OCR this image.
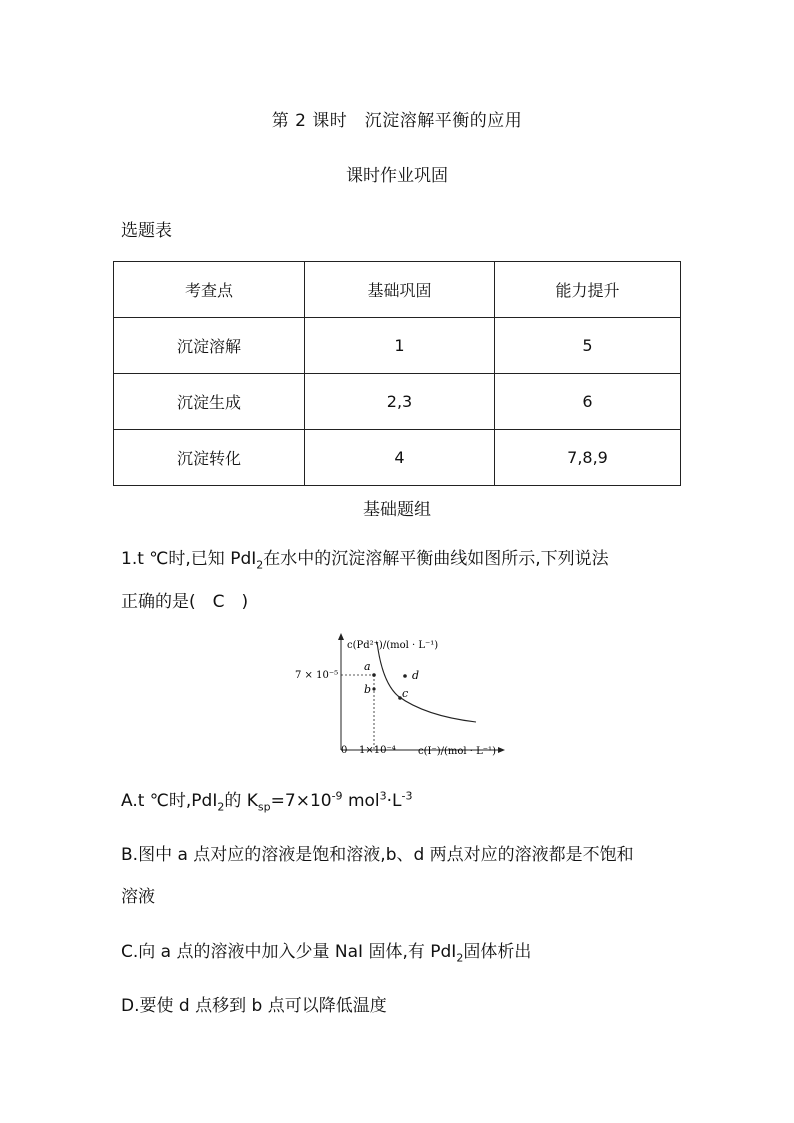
第 2 课时　沉淀溶解平衡的应用
课时作业巩固
选题表
考查点	基础巩固	能力提升
沉淀溶解	1	5
沉淀生成	2,3	6
沉淀转化	4	7,8,9
基础题组
1.t ℃时,已知 PdI$_2$在水中的沉淀溶解平衡曲线如图所示,下列说法
正确的是(　C　)
a
b	c
d
c(Pd²⁺)/(mol · L⁻¹)
c(I⁻)/(mol · L⁻¹)
7 × 10⁻⁵
1×10⁻⁴
0
A.t ℃时,PdI$_2$的 $K_{sp}=7\times 10^{-9}$ $mol^3\cdot L^{-3}$
B.图中 a 点对应的溶液是饱和溶液,b、d 两点对应的溶液都是不饱和
溶液
C.向 a 点的溶液中加入少量 NaI 固体,有 PdI$_2$固体析出
D.要使 d 点移到 b 点可以降低温度
